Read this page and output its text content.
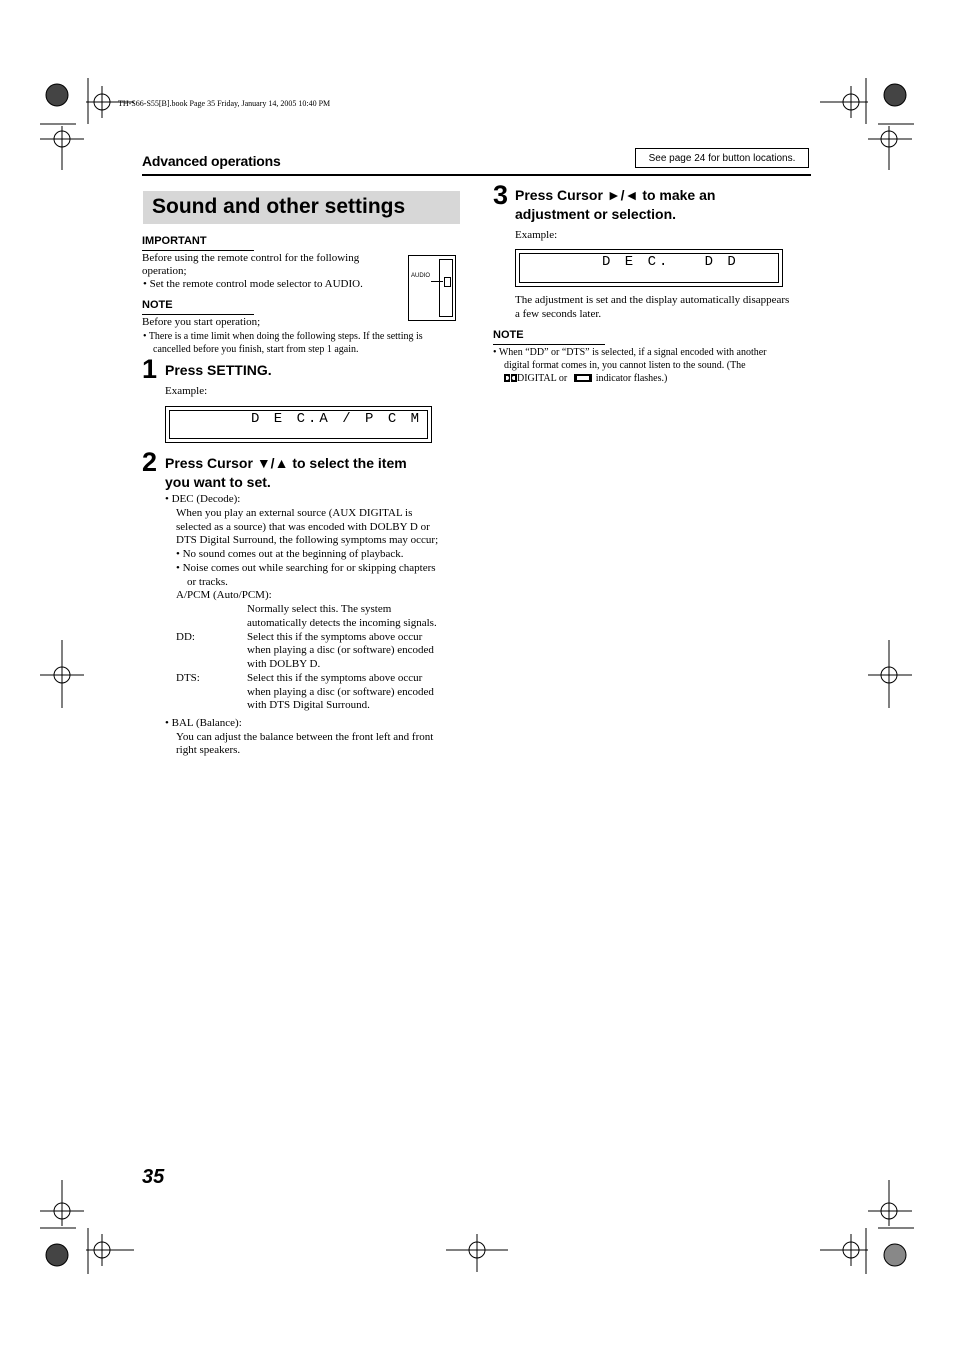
TH-S66-S55[B].book Page 35 Friday, January 14, 2005 10:40 PM
Advanced operations	See page 24 for button locations.
Sound and other settings
IMPORTANT
Before using the remote control for the following
operation;
• Set the remote control mode selector to AUDIO.
AUDIO
NOTE
Before you start operation;
• There is a time limit when doing the following steps. If the setting is
cancelled before you finish, start from step 1 again.
1 Press SETTING.
Example:
D E C.A / P C M
2 Press Cursor ▼/▲ to select the item
you want to set.
• DEC (Decode):
When you play an external source (AUX DIGITAL is
selected as a source) that was encoded with DOLBY D or
DTS Digital Surround, the following symptoms may occur;
• No sound comes out at the beginning of playback.
• Noise comes out while searching for or skipping chapters
or tracks.
A/PCM (Auto/PCM):
Normally select this. The system
automatically detects the incoming signals.
DD:	Select this if the symptoms above occur
when playing a disc (or software) encoded
with DOLBY D.
DTS:	Select this if the symptoms above occur
when playing a disc (or software) encoded
with DTS Digital Surround.
• BAL (Balance):
You can adjust the balance between the front left and front
right speakers.
3 Press Cursor ►/◄ to make an
adjustment or selection.
Example:
D E C.   D D
The adjustment is set and the display automatically disappears
a few seconds later.
NOTE
• When “DD” or “DTS” is selected, if a signal encoded with another
digital format comes in, you cannot listen to the sound. (The
DIGITAL or	indicator flashes.)
35
